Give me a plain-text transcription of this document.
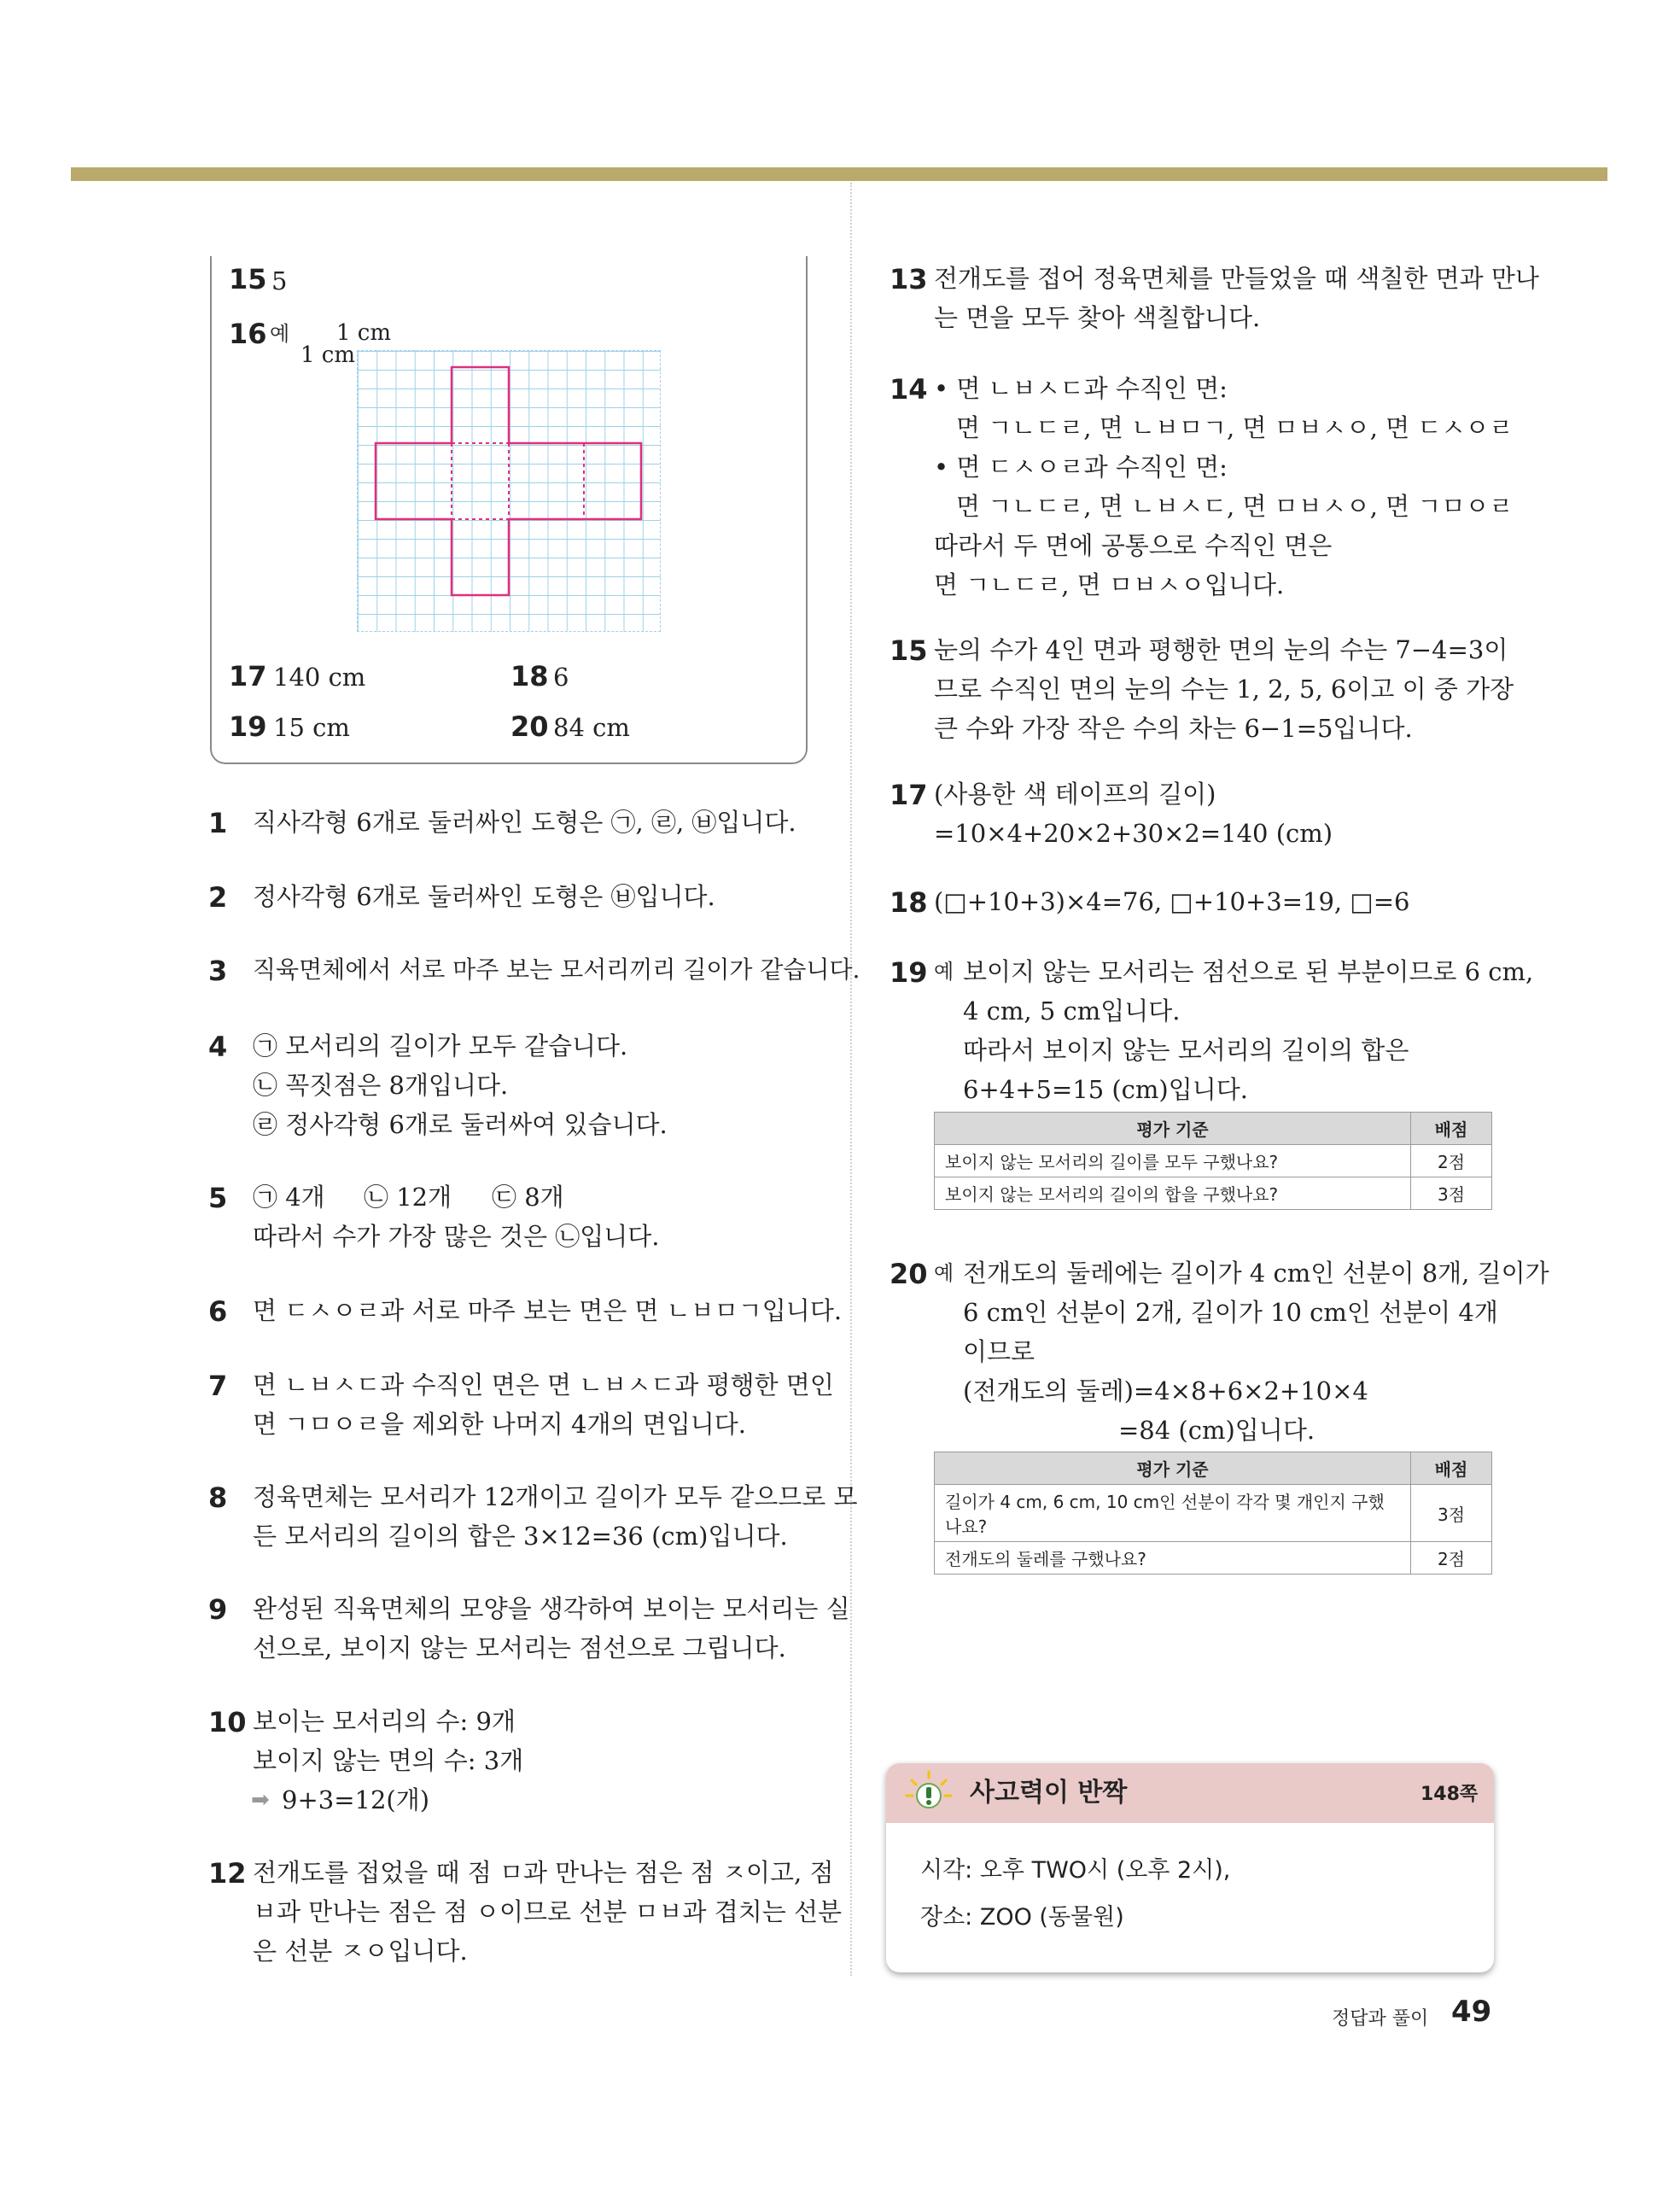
15 5
16 예 1 cm
1 cm
17 140 cm	18 6
19 15 cm	20 84 cm
1 직사각형 6개로 둘러싸인 도형은 ㉠, ㉣, ㉥입니다.
2 정사각형 6개로 둘러싸인 도형은 ㉥입니다.
3 직육면체에서 서로 마주 보는 모서리끼리 길이가 같습니다.
4 ㉠ 모서리의 길이가 모두 같습니다.
㉡ 꼭짓점은 8개입니다.
㉣ 정사각형 6개로 둘러싸여 있습니다.
5 ㉠ 4개 ㉡ 12개 ㉢ 8개
따라서 수가 가장 많은 것은 ㉡입니다.
6 면 ㄷㅅㅇㄹ과 서로 마주 보는 면은 면 ㄴㅂㅁㄱ입니다.
7 면 ㄴㅂㅅㄷ과 수직인 면은 면 ㄴㅂㅅㄷ과 평행한 면인
면 ㄱㅁㅇㄹ을 제외한 나머지 4개의 면입니다.
8 정육면체는 모서리가 12개이고 길이가 모두 같으므로 모
든 모서리의 길이의 합은 3×12=36 (cm)입니다.
9 완성된 직육면체의 모양을 생각하여 보이는 모서리는 실
선으로, 보이지 않는 모서리는 점선으로 그립니다.
10 보이는 모서리의 수: 9개
보이지 않는 면의 수: 3개
➡ 9+3=12(개)
12 전개도를 접었을 때 점 ㅁ과 만나는 점은 점 ㅈ이고, 점
ㅂ과 만나는 점은 점 ㅇ이므로 선분 ㅁㅂ과 겹치는 선분
은 선분 ㅈㅇ입니다.
13 전개도를 접어 정육면체를 만들었을 때 색칠한 면과 만나
는 면을 모두 찾아 색칠합니다.
14 • 면 ㄴㅂㅅㄷ과 수직인 면:
면 ㄱㄴㄷㄹ, 면 ㄴㅂㅁㄱ, 면 ㅁㅂㅅㅇ, 면 ㄷㅅㅇㄹ
• 면 ㄷㅅㅇㄹ과 수직인 면:
면 ㄱㄴㄷㄹ, 면 ㄴㅂㅅㄷ, 면 ㅁㅂㅅㅇ, 면 ㄱㅁㅇㄹ
따라서 두 면에 공통으로 수직인 면은
면 ㄱㄴㄷㄹ, 면 ㅁㅂㅅㅇ입니다.
15 눈의 수가 4인 면과 평행한 면의 눈의 수는 7−4=3이
므로 수직인 면의 눈의 수는 1, 2, 5, 6이고 이 중 가장
큰 수와 가장 작은 수의 차는 6−1=5입니다.
17 (사용한 색 테이프의 길이)
=10×4+20×2+30×2=140 (cm)
18 (□+10+3)×4=76, □+10+3=19, □=6
19 예 보이지 않는 모서리는 점선으로 된 부분이므로 6 cm,
4 cm, 5 cm입니다.
따라서 보이지 않는 모서리의 길이의 합은
6+4+5=15 (cm)입니다.
평가 기준	배점
보이지 않는 모서리의 길이를 모두 구했나요?	2점
보이지 않는 모서리의 길이의 합을 구했나요?	3점
20 예 전개도의 둘레에는 길이가 4 cm인 선분이 8개, 길이가
6 cm인 선분이 2개, 길이가 10 cm인 선분이 4개
이므로
(전개도의 둘레)=4×8+6×2+10×4
=84 (cm)입니다.
평가 기준	배점
길이가 4 cm, 6 cm, 10 cm인 선분이 각각 몇 개인지 구했
나요?	3점
전개도의 둘레를 구했나요?	2점
사고력이 반짝	148쪽
시각: 오후 TWO시 (오후 2시),
장소: ZOO (동물원)
정답과 풀이 49
